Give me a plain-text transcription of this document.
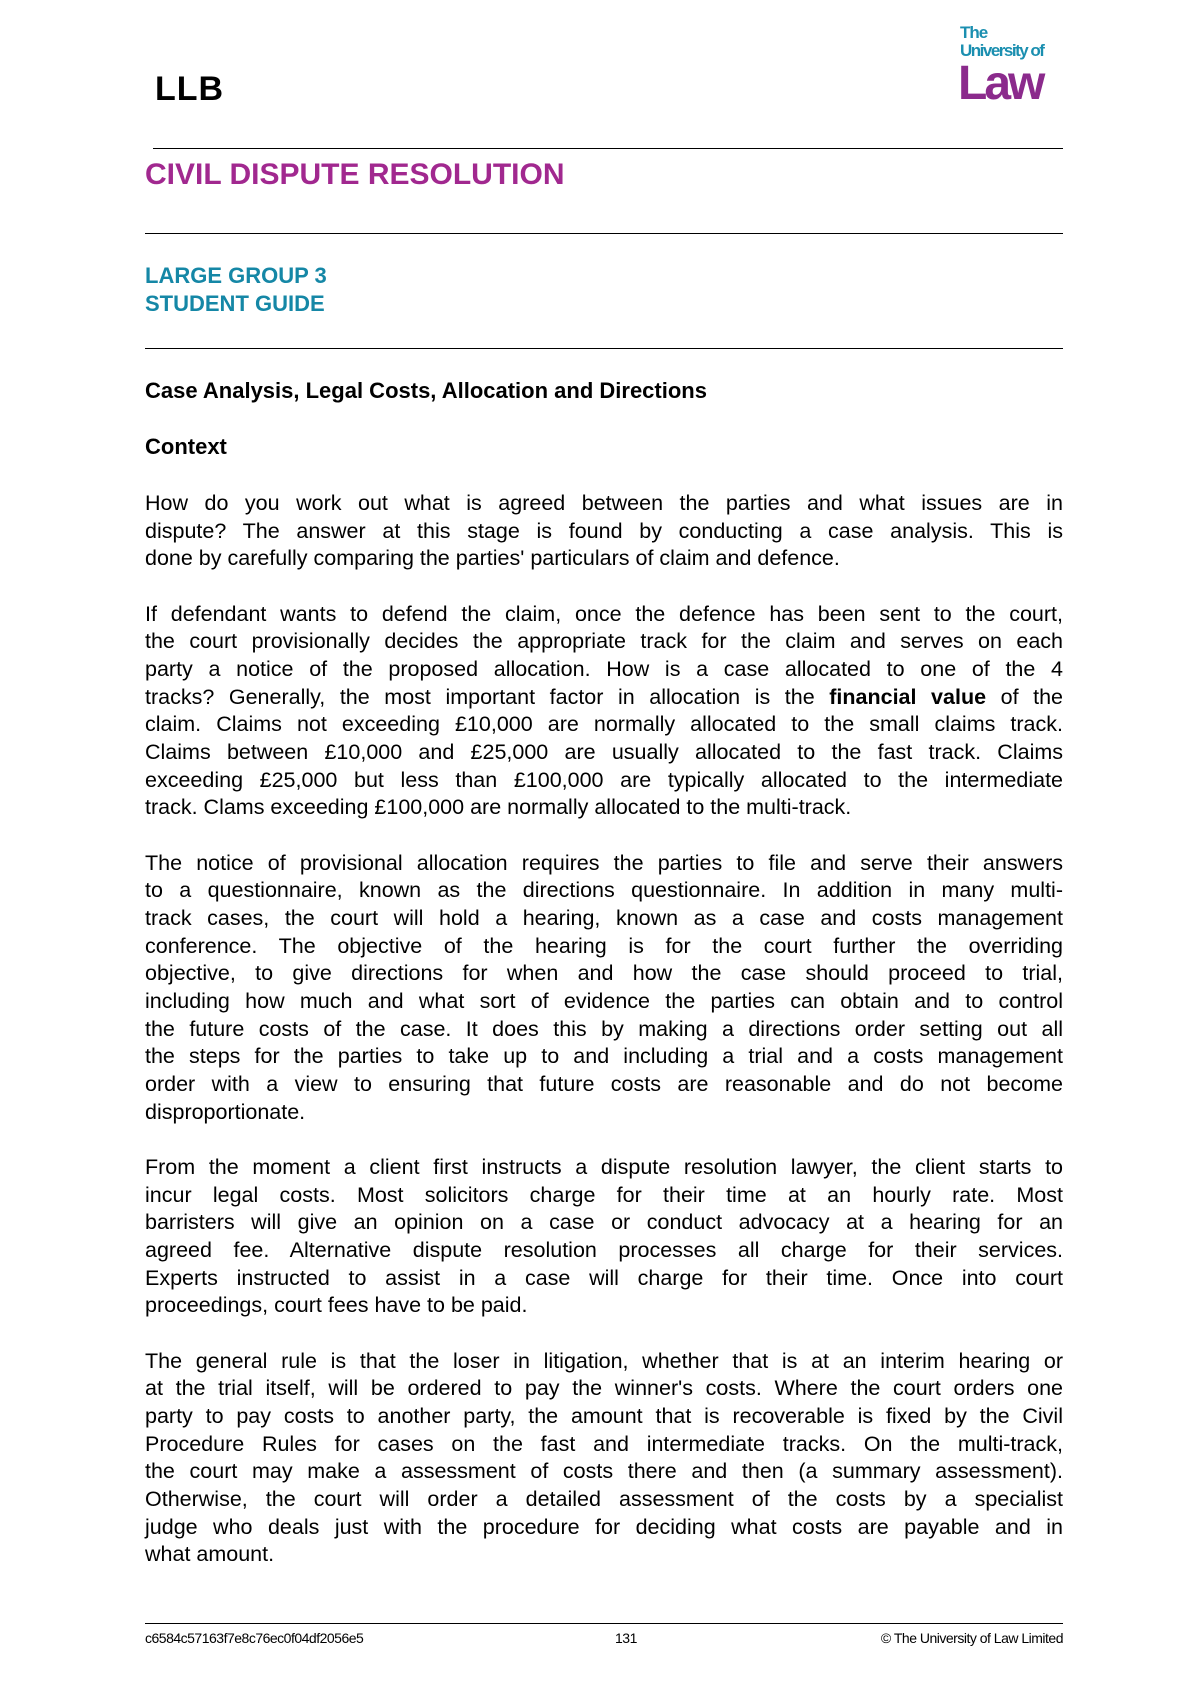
LLB
The
University of
Law
CIVIL DISPUTE RESOLUTION
LARGE GROUP 3
STUDENT GUIDE
Case Analysis, Legal Costs, Allocation and Directions
Context
How do you work out what is agreed between the parties and what issues are in
dispute? The answer at this stage is found by conducting a case analysis. This is
done by carefully comparing the parties' particulars of claim and defence.
If defendant wants to defend the claim, once the defence has been sent to the court,
the court provisionally decides the appropriate track for the claim and serves on each
party a notice of the proposed allocation. How is a case allocated to one of the 4
tracks? Generally, the most important factor in allocation is the financial value of the
claim. Claims not exceeding £10,000 are normally allocated to the small claims track.
Claims between £10,000 and £25,000 are usually allocated to the fast track. Claims
exceeding £25,000 but less than £100,000 are typically allocated to the intermediate
track. Clams exceeding £100,000 are normally allocated to the multi-track.
The notice of provisional allocation requires the parties to file and serve their answers
to a questionnaire, known as the directions questionnaire. In addition in many multi-
track cases, the court will hold a hearing, known as a case and costs management
conference. The objective of the hearing is for the court further the overriding
objective, to give directions for when and how the case should proceed to trial,
including how much and what sort of evidence the parties can obtain and to control
the future costs of the case. It does this by making a directions order setting out all
the steps for the parties to take up to and including a trial and a costs management
order with a view to ensuring that future costs are reasonable and do not become
disproportionate.
From the moment a client first instructs a dispute resolution lawyer, the client starts to
incur legal costs. Most solicitors charge for their time at an hourly rate. Most
barristers will give an opinion on a case or conduct advocacy at a hearing for an
agreed fee. Alternative dispute resolution processes all charge for their services.
Experts instructed to assist in a case will charge for their time. Once into court
proceedings, court fees have to be paid.
The general rule is that the loser in litigation, whether that is at an interim hearing or
at the trial itself, will be ordered to pay the winner's costs. Where the court orders one
party to pay costs to another party, the amount that is recoverable is fixed by the Civil
Procedure Rules for cases on the fast and intermediate tracks. On the multi-track,
the court may make a assessment of costs there and then (a summary assessment).
Otherwise, the court will order a detailed assessment of the costs by a specialist
judge who deals just with the procedure for deciding what costs are payable and in
what amount.
c6584c57163f7e8c76ec0f04df2056e5	131	© The University of Law Limited
